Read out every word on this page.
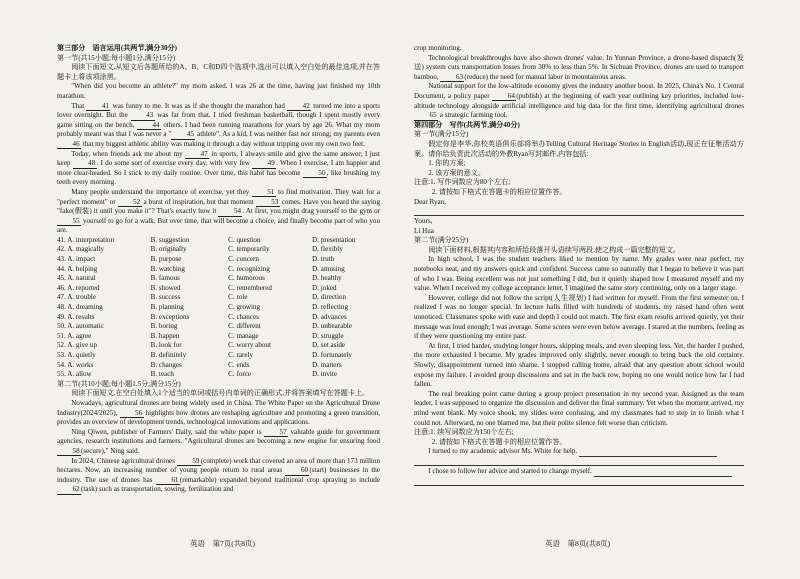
第三部分　语言运用(共两节,满分30分)

第一节(共15小题;每小题1分,满分15分)

阅读下面短文,从短文后各题所给的A、B、C和D四个选项中,选出可以填入空白处的最佳选项,并在答题卡上将该项涂黑。

"When did you become an athlete?" my mom asked. I was 26 at the time, having just finished my 10th marathon.

That 41 was funny to me. It was as if she thought the marathon had 42 turned me into a sports lover overnight. But the 43 was far from that. I tried freshman basketball, though I spent mostly every game sitting on the bench, 44 others. I had been running marathons for years by age 26. What my mom probably meant was that I was never a " 45 athlete". As a kid, I was neither fast nor strong; my parents even 46 that my biggest athletic ability was making it through a day without tripping over my own two feet.

Today, when friends ask me about my 47 in sports, I always smile and give the same answer; I just keep 48. I do some sort of exercise every day, with very few 49. When I exercise, I am happier and more clear-headed. So I stick to my daily routine. Over time, this habit has become 50, like brushing my teeth every morning.

Many people understand the importance of exercise, yet they 51 to find motivation. They wait for a "perfect moment" or 52 a burst of inspiration, but that moment 53 comes. Have you heard the saying "fake(假装) it until you make it"? That's exactly how it 54. At first, you might drag yourself to the gym or 55 yourself to go for a walk. But over time, that will become a choice, and finally become part of who you are.

41. A. interpretation	B. suggestion	C. question	D. presentation
42. A. magically	B. originally	C. temporarily	D. flexibly
43. A. impact	B. purpose	C. concern	D. truth
44. A. helping	B. watching	C. recognizing	D. amusing
45. A. natural	B. famous	C. humorous	D. healthy
46. A. reported	B. showed	C. remembered	D. joked
47. A. trouble	B. success	C. role	D. direction
48. A. dreaming	B. planning	C. growing	D. reflecting
49. A. results	B. exceptions	C. chances	D. advances
50. A. automatic	B. boring	C. different	D. unbearable
51. A. agree	B. happen	C. manage	D. struggle
52. A. give up	B. look for	C. worry about	D. set aside
53. A. quietly	B. definitely	C. rarely	D. fortunately
54. A. works	B. changes	C. ends	D. matters
55. A. allow	B. teach	C. force	D. invite

第二节(共10小题;每小题1.5分,满分15分)

阅读下面短文,在空白处填入1个适当的单词或括号内单词的正确形式,并将答案填写在答题卡上。

Nowadays, agricultural drones are being widely used in China. The White Paper on the Agricultural Drone Industry(2024/2025), 56 highlights how drones are reshaping agriculture and promoting a green transition, provides an overview of development trends, technological innovations and applications.

Ning Qiwen, publisher of Farmers' Daily, said the white paper is 57 valuable guide for government agencies, research institutions and farmers. "Agricultural drones are becoming a new engine for ensuring food 58(secure)," Ning said.

In 2024, Chinese agricultural drones 59(complete) work that covered an area of more than 173 million hectares. Now, an increasing number of young people return to rural areas 60(start) businesses in the industry. The use of drones has 61(remarkable) expanded beyond traditional crop spraying to include 62(task) such as transportation, sowing, fertilization and

crop monitoring.

Technological breakthroughs have also shown drones' value. In Yunnan Province, a drone-based dispatch(发送) system cuts transportation losses from 30% to less than 5%. In Sichuan Province, drones are used to transport bamboo, 63(reduce) the need for manual labor in mountainous areas.

National support for the low-altitude economy gives the industry another boost. In 2025, China's No. 1 Central Document, a policy paper 64(publish) at the beginning of each year outlining key priorities, included low-altitude technology alongside artificial intelligence and big data for the first time, identifying agricultural drones 65 a strategic farming tool.

第四部分　写作(共两节,满分40分)

第一节(满分15分)

假定你是李华,你校英语俱乐部将举办Telling Cultural Heritage Stories in English活动,现正在征集活动方案。请你给负责此次活动的外教Ryan写封邮件,内容包括:

1. 你的方案;

2. 该方案的意义。

注意:1. 写作词数应为80个左右;

2. 请按如下格式在答题卡的相应位置作答。

Dear Ryan,

Yours,

Li Hua

第二节(满分25分)

阅读下面材料,根据其内容和所给段落开头语续写两段,使之构成一篇完整的短文。

In high school, I was the student teachers liked to mention by name. My grades were near perfect, my notebooks neat, and my answers quick and confident. Success came so naturally that I began to believe it was part of who I was. Being excellent was not just something I did, but it quietly shaped how I measured myself and my value. When I received my college acceptance letter, I imagined the same story continuing, only on a larger stage.

However, college did not follow the script(人生规划) I had written for myself. From the first semester on, I realized I was no longer special. In lecture halls filled with hundreds of students, my raised hand often went unnoticed. Classmates spoke with ease and depth I could not match. The first exam results arrived quietly, yet their message was loud enough; I was average. Some scores were even below average. I stared at the numbers, feeling as if they were questioning my entire past.

At first, I tried harder, studying longer hours, skipping meals, and even sleeping less. Yet, the harder I pushed, the more exhausted I became. My grades improved only slightly, never enough to bring back the old certainty. Slowly, disappointment turned into shame. I stopped calling home, afraid that any question about school would expose my failure. I avoided group discussions and sat in the back row, hoping no one would notice how far I had fallen.

The real breaking point came during a group project presentation in my second year. Assigned as the team leader, I was supposed to organize the discussion and deliver the final summary. Yet when the moment arrived, my mind went blank. My voice shook, my slides were confusing, and my classmates had to step in to finish what I could not. Afterward, no one blamed me, but their polite silence felt worse than criticism.

注意:1. 续写词数应为150个左右;

2. 请按如下格式在答题卡的相应位置作答。

I turned to my academic advisor Ms. White for help.

I chose to follow her advice and started to change myself.

英语　第7页(共8页)	英语　第8页(共8页)
